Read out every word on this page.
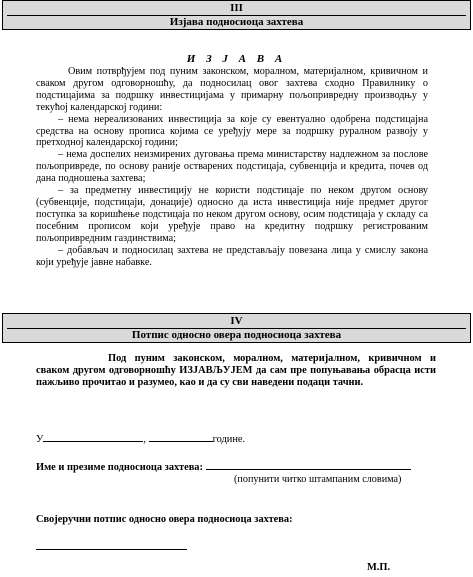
III
Изјава подносиоца захтева
И З Ј А В А

Овим потврђујем под пуним законском, моралном, материјалном, кривичном и сваком другом одговорношћу, да подносилац овог захтева сходно Правилнику о подстицајима за подршку инвестицијама у примарну пољопривредну производњу у текућој календарској години:

– нема нереализованих инвестиција за које су евентуално одобрена подстицајна средства на основу прописа којима се уређују мере за подршку руралном развоју у претходној календарској години;

– нема доспелих неизмирених дуговања према министарству надлежном за послове пољопривреде, по основу раније остварених подстицаја, субвенција и кредита, почев од дана подношења захтева;

– за предметну инвестицију не користи подстицаје по неком другом основу (субвенције, подстицаји, донације) односно да иста инвестиција није предмет другог поступка за коришћење подстицаја по неком другом основу, осим подстицаја у складу са посебним прописом који уређује право на кредитну подршку регистрованим пољопривредним газдинствима;

– добављач и подносилац захтева не представљају повезана лица у смислу закона који уређује јавне набавке.

IV
Потпис односно овера подносиоца захтева
Под пуним законском, моралном, материјалном, кривичном и сваком другом одговорношћу ИЗЈАВЉУЈЕМ да сам пре попуњавања обрасца исти пажљиво прочитао и разумео, као и да су сви наведени подаци тачни.
У	,	године.
Име и презиме подносиоца захтева:
(попунити читко штампаним словима)
Својеручни потпис односно овера подносиоца захтева:
М.П.
